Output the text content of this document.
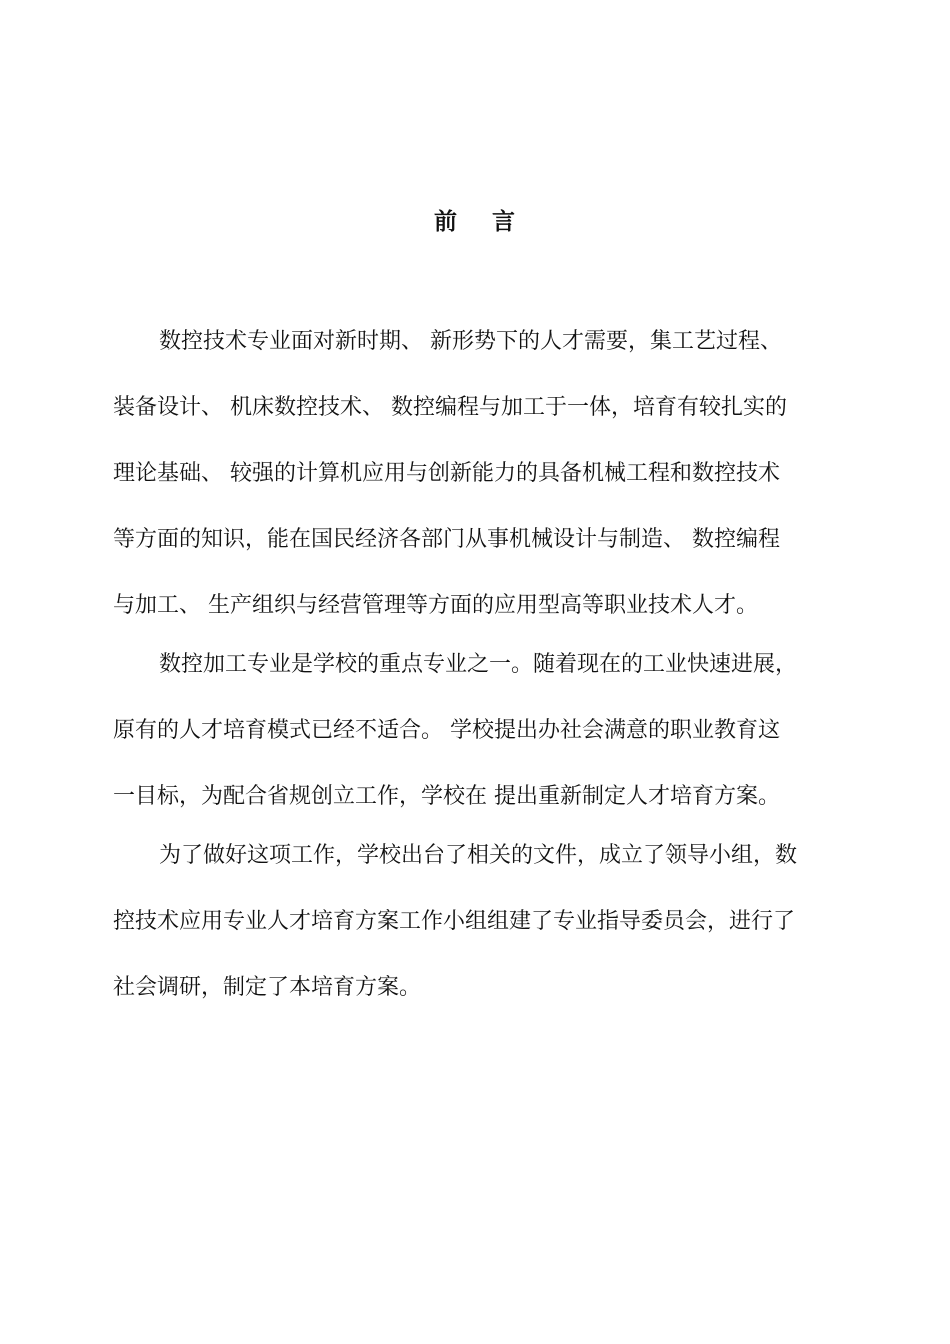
前 言
数控技术专业面对新时期、 新形势下的人才需要，集工艺过程、
装备设计、 机床数控技术、 数控编程与加工于一体，培育有较扎实的
理论基础、 较强的计算机应用与创新能力的具备机械工程和数控技术
等方面的知识，能在国民经济各部门从事机械设计与制造、 数控编程
与加工、 生产组织与经营管理等方面的应用型高等职业技术人才。
数控加工专业是学校的重点专业之一。随着现在的工业快速进展，
原有的人才培育模式已经不适合。 学校提出办社会满意的职业教育这
一目标，为配合省规创立工作，学校在 提出重新制定人才培育方案。
为了做好这项工作，学校出台了相关的文件，成立了领导小组，数
控技术应用专业人才培育方案工作小组组建了专业指导委员会，进行了
社会调研，制定了本培育方案。
